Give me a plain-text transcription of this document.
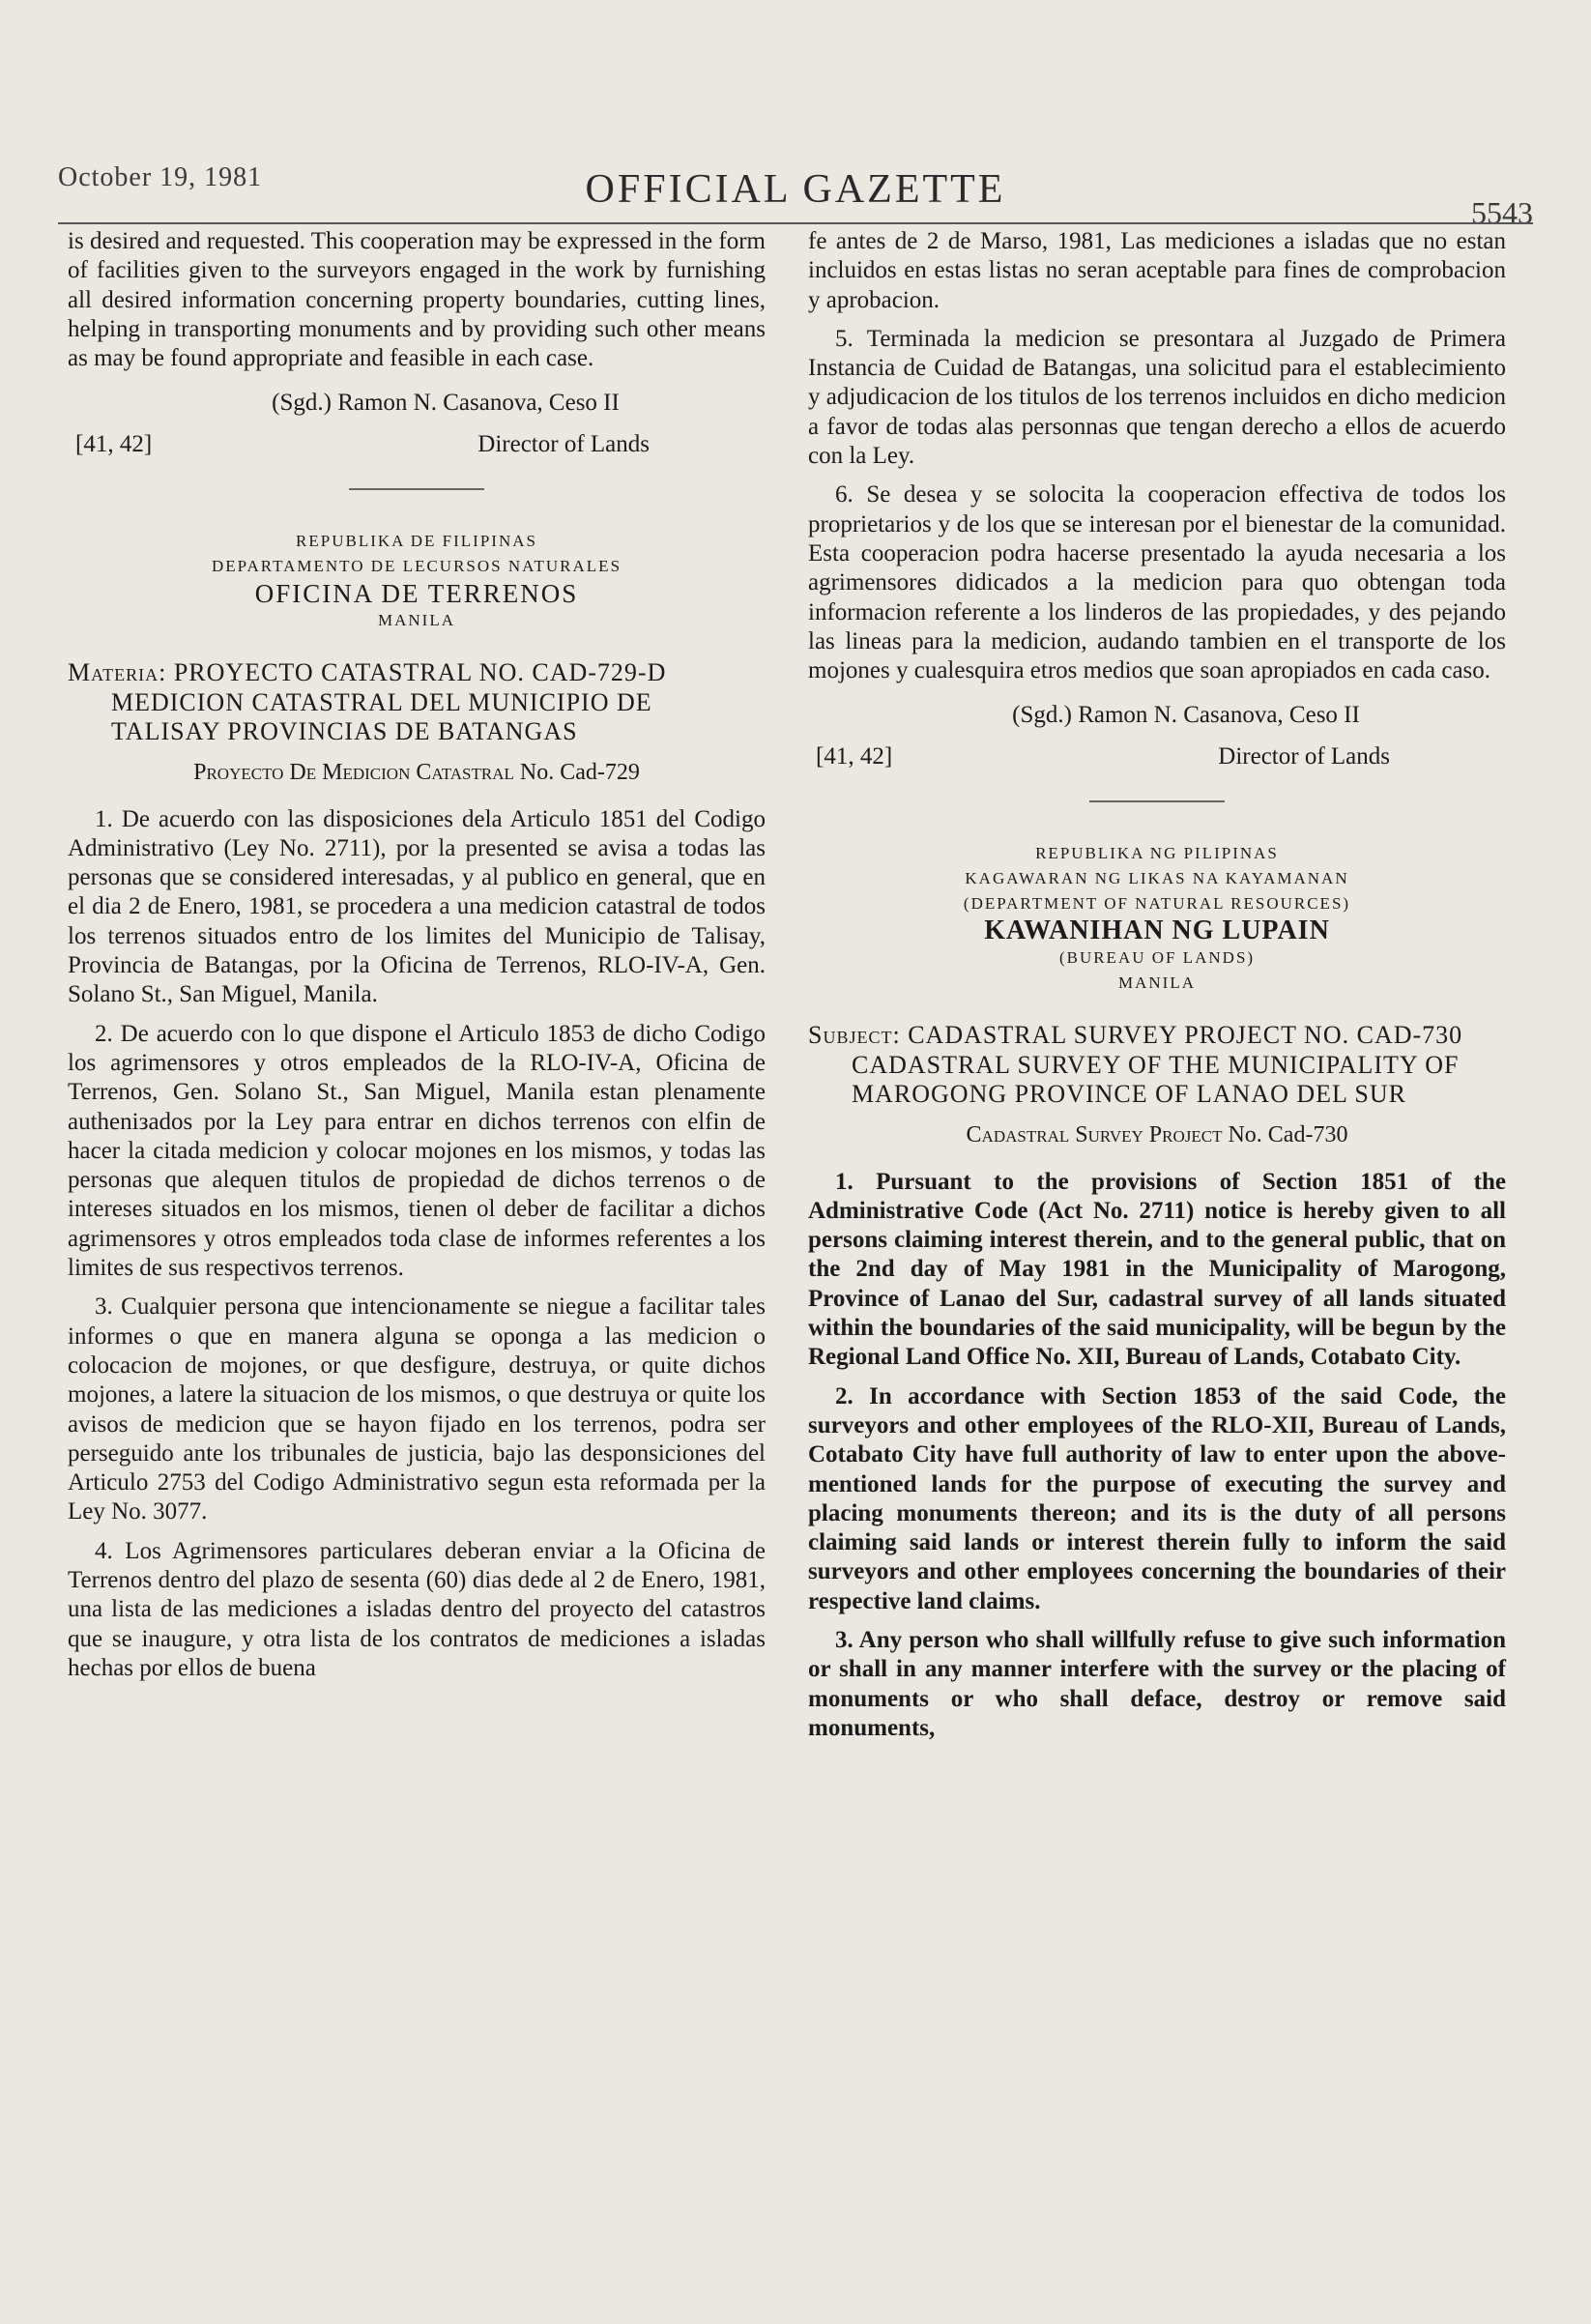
October 19, 1981	OFFICIAL GAZETTE
5543

is desired and requested. This cooperation may be expressed in the form of facilities given to the surveyors engaged in the work by furnishing all desired information concerning property boundaries, cutting lines, helping in transporting monuments and by providing such other means as may be found appropriate and feasible in each case.

(Sgd.) Ramon N. Casanova, Ceso II

[41, 42]	Director of Lands

REPUBLIKA DE FILIPINAS

DEPARTAMENTO DE LECURSOS NATURALES

OFICINA DE TERRENOS

MANILA

Materia: PROYECTO CATASTRAL NO. CAD-729-D MEDICION CATASTRAL DEL MUNICIPIO DE TALISAY PROVINCIAS DE BATANGAS

Proyecto De Medicion Catastral No. Cad-729

1. De acuerdo con las disposiciones dela Articulo 1851 del Codigo Administrativo (Ley No. 2711), por la presented se avisa a todas las personas que se considered interesadas, y al publico en general, que en el dia 2 de Enero, 1981, se procedera a una medicion catastral de todos los terrenos situados entro de los limites del Municipio de Talisay, Provincia de Batangas, por la Oficina de Terrenos, RLO-IV-A, Gen. Solano St., San Miguel, Manila.

2. De acuerdo con lo que dispone el Articulo 1853 de dicho Codigo los agrimensores y otros empleados de la RLO-IV-A, Oficina de Terrenos, Gen. Solano St., San Miguel, Manila estan plenamente autheniзados por la Ley para entrar en dichos terrenos con elfin de hacer la citada medicion y colocar mojones en los mismos, y todas las personas que alequen titulos de propiedad de dichos terrenos o de intereses situados en los mismos, tienen ol deber de facilitar a dichos agrimensores y otros empleados toda clase de informes referentes a los limites de sus respectivos terrenos.

3. Cualquier persona que intencionamente se niegue a facilitar tales informes o que en manera alguna se oponga a las medicion o colocacion de mojones, or que desfigure, destruya, or quite dichos mojones, a latere la situacion de los mismos, o que destruya or quite los avisos de medicion que se hayon fijado en los terrenos, podra ser perseguido ante los tribunales de justicia, bajo las desponsiciones del Articulo 2753 del Codigo Administrativo segun esta reformada per la Ley No. 3077.

4. Los Agrimensores particulares deberan enviar a la Oficina de Terrenos dentro del plazo de sesenta (60) dias dede al 2 de Enero, 1981, una lista de las mediciones a isladas dentro del proyecto del catastros que se inaugure, y otra lista de los contratos de mediciones a isladas hechas por ellos de buena

fe antes de 2 de Marso, 1981, Las mediciones a isladas que no estan incluidos en estas listas no seran aceptable para fines de comprobacion y aprobacion.

5. Terminada la medicion se presontara al Juzgado de Primera Instancia de Cuidad de Batangas, una solicitud para el establecimiento y adjudicacion de los titulos de los terrenos incluidos en dicho medicion a favor de todas alas personnas que tengan derecho a ellos de acuerdo con la Ley.

6. Se desea y se solocita la cooperacion effectiva de todos los proprietarios y de los que se interesan por el bienestar de la comunidad. Esta cooperacion podra hacerse presentado la ayuda necesaria a los agrimensores didicados a la medicion para quo obtengan toda informacion referente a los linderos de las propiedades, y des pejando las lineas para la medicion, audando tambien en el transporte de los mojones y cualesquira etros medios que soan apropiados en cada caso.

(Sgd.) Ramon N. Casanova, Ceso II

[41, 42]	Director of Lands

REPUBLIKA NG PILIPINAS

KAGAWARAN NG LIKAS NA KAYAMANAN

(DEPARTMENT OF NATURAL RESOURCES)

KAWANIHAN NG LUPAIN

(BUREAU OF LANDS)

MANILA

Subject: CADASTRAL SURVEY PROJECT NO. CAD-730 CADASTRAL SURVEY OF THE MUNICIPALITY OF MAROGONG PROVINCE OF LANAO DEL SUR

Cadastral Survey Project No. Cad-730

1. Pursuant to the provisions of Section 1851 of the Administrative Code (Act No. 2711) notice is hereby given to all persons claiming interest therein, and to the general public, that on the 2nd day of May 1981 in the Municipality of Marogong, Province of Lanao del Sur, cadastral survey of all lands situated within the boundaries of the said municipality, will be begun by the Regional Land Office No. XII, Bureau of Lands, Cotabato City.

2. In accordance with Section 1853 of the said Code, the surveyors and other employees of the RLO-XII, Bureau of Lands, Cotabato City have full authority of law to enter upon the above-mentioned lands for the purpose of executing the survey and placing monuments thereon; and its is the duty of all persons claiming said lands or interest therein fully to inform the said surveyors and other employees concerning the boundaries of their respective land claims.

3. Any person who shall willfully refuse to give such information or shall in any manner interfere with the survey or the placing of monuments or who shall deface, destroy or remove said monuments,
